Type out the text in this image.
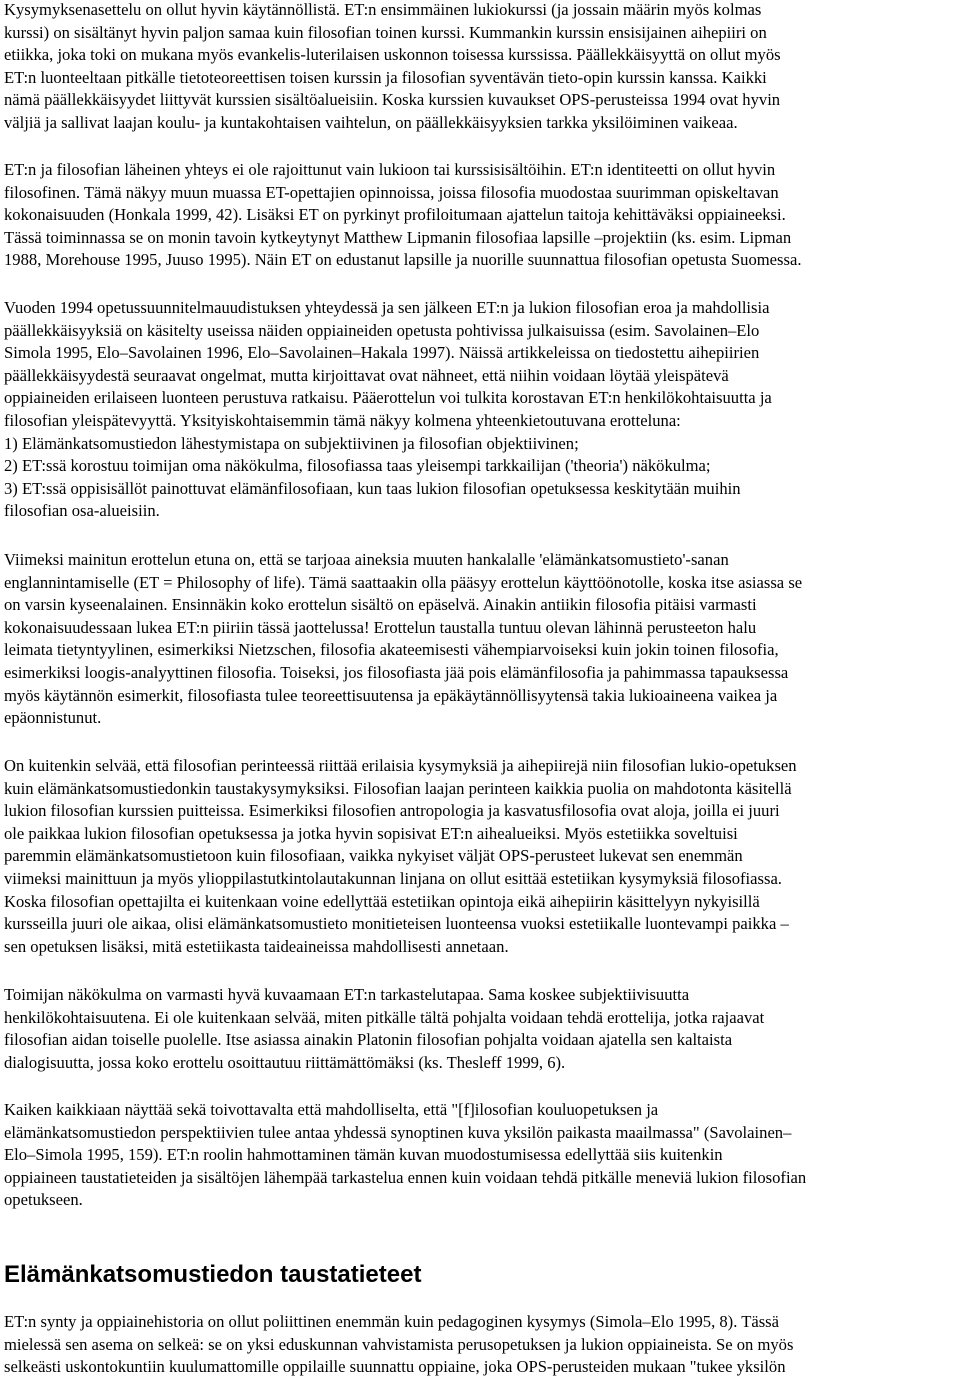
Kysymyksenasettelu on ollut hyvin käytännöllistä. ET:n ensimmäinen lukiokurssi (ja jossain määrin myös kolmas
kurssi) on sisältänyt hyvin paljon samaa kuin filosofian toinen kurssi. Kummankin kurssin ensisijainen aihepiiri on
etiikka, joka toki on mukana myös evankelis-luterilaisen uskonnon toisessa kurssissa. Päällekkäisyyttä on ollut myös
ET:n luonteeltaan pitkälle tietoteoreettisen toisen kurssin ja filosofian syventävän tieto-opin kurssin kanssa. Kaikki
nämä päällekkäisyydet liittyvät kurssien sisältöalueisiin. Koska kurssien kuvaukset OPS-perusteissa 1994 ovat hyvin
väljiä ja sallivat laajan koulu- ja kuntakohtaisen vaihtelun, on päällekkäisyyksien tarkka yksilöiminen vaikeaa.

ET:n ja filosofian läheinen yhteys ei ole rajoittunut vain lukioon tai kurssisisältöihin. ET:n identiteetti on ollut hyvin
filosofinen. Tämä näkyy muun muassa ET-opettajien opinnoissa, joissa filosofia muodostaa suurimman opiskeltavan
kokonaisuuden (Honkala 1999, 42). Lisäksi ET on pyrkinyt profiloitumaan ajattelun taitoja kehittäväksi oppiaineeksi.
Tässä toiminnassa se on monin tavoin kytkeytynyt Matthew Lipmanin filosofiaa lapsille –projektiin (ks. esim. Lipman
1988, Morehouse 1995, Juuso 1995). Näin ET on edustanut lapsille ja nuorille suunnattua filosofian opetusta Suomessa.

Vuoden 1994 opetussuunnitelmauudistuksen yhteydessä ja sen jälkeen ET:n ja lukion filosofian eroa ja mahdollisia
päällekkäisyyksiä on käsitelty useissa näiden oppiaineiden opetusta pohtivissa julkaisuissa (esim. Savolainen–Elo
Simola 1995, Elo–Savolainen 1996, Elo–Savolainen–Hakala 1997). Näissä artikkeleissa on tiedostettu aihepiirien
päällekkäisyydestä seuraavat ongelmat, mutta kirjoittavat ovat nähneet, että niihin voidaan löytää yleispätevä
oppiaineiden erilaiseen luonteen perustuva ratkaisu. Pääerottelun voi tulkita korostavan ET:n henkilökohtaisuutta ja
filosofian yleispätevyyttä. Yksityiskohtaisemmin tämä näkyy kolmena yhteenkietoutuvana erotteluna:
1) Elämänkatsomustiedon lähestymistapa on subjektiivinen ja filosofian objektiivinen;
2) ET:ssä korostuu toimijan oma näkökulma, filosofiassa taas yleisempi tarkkailijan ('theoria') näkökulma;
3) ET:ssä oppisisällöt painottuvat elämänfilosofiaan, kun taas lukion filosofian opetuksessa keskitytään muihin
filosofian osa-alueisiin.

Viimeksi mainitun erottelun etuna on, että se tarjoaa aineksia muuten hankalalle 'elämänkatsomustieto'-sanan
englannintamiselle (ET = Philosophy of life). Tämä saattaakin olla pääsyy erottelun käyttöönotolle, koska itse asiassa se
on varsin kyseenalainen. Ensinnäkin koko erottelun sisältö on epäselvä. Ainakin antiikin filosofia pitäisi varmasti
kokonaisuudessaan lukea ET:n piiriin tässä jaottelussa! Erottelun taustalla tuntuu olevan lähinnä perusteeton halu
leimata tietyntyylinen, esimerkiksi Nietzschen, filosofia akateemisesti vähempiarvoiseksi kuin jokin toinen filosofia,
esimerkiksi loogis-analyyttinen filosofia. Toiseksi, jos filosofiasta jää pois elämänfilosofia ja pahimmassa tapauksessa
myös käytännön esimerkit, filosofiasta tulee teoreettisuutensa ja epäkäytännöllisyytensä takia lukioaineena vaikea ja
epäonnistunut.

On kuitenkin selvää, että filosofian perinteessä riittää erilaisia kysymyksiä ja aihepiirejä niin filosofian lukio-opetuksen
kuin elämänkatsomustiedonkin taustakysymyksiksi. Filosofian laajan perinteen kaikkia puolia on mahdotonta käsitellä
lukion filosofian kurssien puitteissa. Esimerkiksi filosofien antropologia ja kasvatusfilosofia ovat aloja, joilla ei juuri
ole paikkaa lukion filosofian opetuksessa ja jotka hyvin sopisivat ET:n aihealueiksi. Myös estetiikka soveltuisi
paremmin elämänkatsomustietoon kuin filosofiaan, vaikka nykyiset väljät OPS-perusteet lukevat sen enemmän
viimeksi mainittuun ja myös ylioppilastutkintolautakunnan linjana on ollut esittää estetiikan kysymyksiä filosofiassa.
Koska filosofian opettajilta ei kuitenkaan voine edellyttää estetiikan opintoja eikä aihepiirin käsittelyyn nykyisillä
kursseilla juuri ole aikaa, olisi elämänkatsomustieto monitieteisen luonteensa vuoksi estetiikalle luontevampi paikka –
sen opetuksen lisäksi, mitä estetiikasta taideaineissa mahdollisesti annetaan.

Toimijan näkökulma on varmasti hyvä kuvaamaan ET:n tarkastelutapaa. Sama koskee subjektiivisuutta
henkilökohtaisuutena. Ei ole kuitenkaan selvää, miten pitkälle tältä pohjalta voidaan tehdä erottelija, jotka rajaavat
filosofian aidan toiselle puolelle. Itse asiassa ainakin Platonin filosofian pohjalta voidaan ajatella sen kaltaista
dialogisuutta, jossa koko erottelu osoittautuu riittämättömäksi (ks. Thesleff 1999, 6).

Kaiken kaikkiaan näyttää sekä toivottavalta että mahdolliselta, että "[f]ilosofian kouluopetuksen ja
elämänkatsomustiedon perspektiivien tulee antaa yhdessä synoptinen kuva yksilön paikasta maailmassa" (Savolainen–
Elo–Simola 1995, 159). ET:n roolin hahmottaminen tämän kuvan muodostumisessa edellyttää siis kuitenkin
oppiaineen taustatieteiden ja sisältöjen lähempää tarkastelua ennen kuin voidaan tehdä pitkälle meneviä lukion filosofian
opetukseen.

Elämänkatsomustiedon taustatieteet

ET:n synty ja oppiainehistoria on ollut poliittinen enemmän kuin pedagoginen kysymys (Simola–Elo 1995, 8). Tässä
mielessä sen asema on selkeä: se on yksi eduskunnan vahvistamista perusopetuksen ja lukion oppiaineista. Se on myös
selkeästi uskontokuntiin kuulumattomille oppilaille suunnattu oppiaine, joka OPS-perusteiden mukaan "tukee yksilön
